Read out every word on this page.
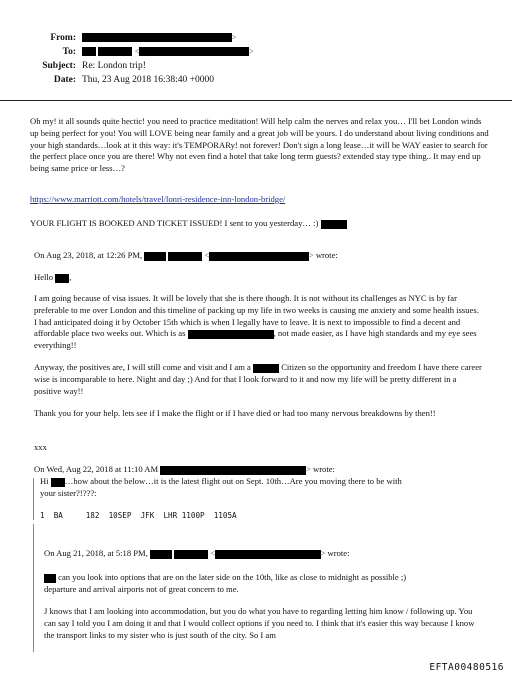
From:	>
To:	<	>
Subject: Re: London trip!
Date: Thu, 23 Aug 2018 16:38:40 +0000
Oh my! it all sounds quite hectic! you need to practice meditation! Will help calm the nerves and relax you… I'll bet London winds up being perfect for you! You will LOVE being near family and a great job will be yours. I do understand about living conditions and your high standards…look at it this way: it's TEMPORARy! not forever! Don't sign a long lease…it will be WAY easier to search for the perfect place once you are there! Why not even find a hotel that take long term guests? extended stay type thing.. It may end up being same price or less…?
https://www.marriott.com/hotels/travel/lonri-residence-inn-london-bridge/
YOUR FLIGHT IS BOOKED AND TICKET ISSUED! I sent to you yesterday… :)
On Aug 23, 2018, at 12:26 PM,	<	> wrote:
Hello ,
I am going because of visa issues. It will be lovely that she is there though. It is not without its challenges as NYC is by far preferable to me over London and this timeline of packing up my life in two weeks is causing me anxiety and some health issues. I had anticipated doing it by October 15th which is when I legally have to leave. It is next to impossible to find a decent and affordable place two weeks out. Which is as	, not made easier, as I have high standards and my eye sees everything!!
Anyway, the positives are, I will still come and visit and I am a	Citizen so the opportunity and freedom I have there career wise is incomparable to here. Night and day ;) And for that I look forward to it and now my life will be pretty different in a positive way!!
Thank you for your help. lets see if I make the flight or if I have died or had too many nervous breakdowns by then!!
xxx
On Wed, Aug 22, 2018 at 11:10 AM	> wrote:
Hi …how about the below…it is the latest flight out on Sept. 10th…Are you moving there to be with
your sister?!???:
1  BA     182  10SEP  JFK  LHR 1100P  1105A
On Aug 21, 2018, at 5:18 PM,	<	> wrote:
can you look into options that are on the later side on the 10th, like as close to midnight as possible ;)
departure and arrival airports not of great concern to me.
J knows that I am looking into accommodation, but you do what you have to regarding letting him know / following up. You can say I told you I am doing it and that I would collect options if you need to. I think that it's easier this way because I know the transport links to my sister who is just south of the city. So I am
EFTA00480516
